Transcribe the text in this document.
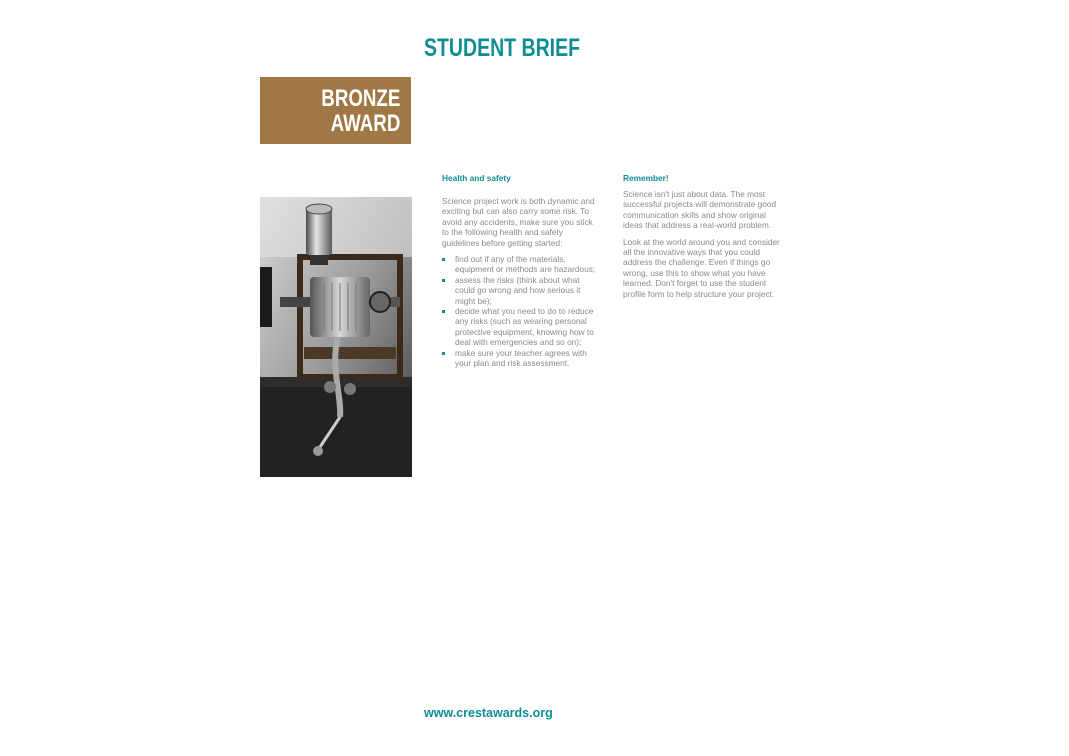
STUDENT BRIEF

BRONZE
AWARD

Health and safety

Science project work is both dynamic and exciting but can also carry some risk. To avoid any accidents, make sure you stick to the following health and safety guidelines before getting started:

find out if any of the materials, equipment or methods are hazardous;
assess the risks (think about what could go wrong and how serious it might be);
decide what you need to do to reduce any risks (such as wearing personal protective equipment, knowing how to deal with emergencies and so on);
make sure your teacher agrees with your plan and risk assessment.

Remember!

Science isn't just about data. The most successful projects will demonstrate good communication skills and show original ideas that address a real-world problem.

Look at the world around you and consider all the innovative ways that you could address the challenge. Even if things go wrong, use this to show what you have learned. Don't forget to use the student profile form to help structure your project.

www.crestawards.org
